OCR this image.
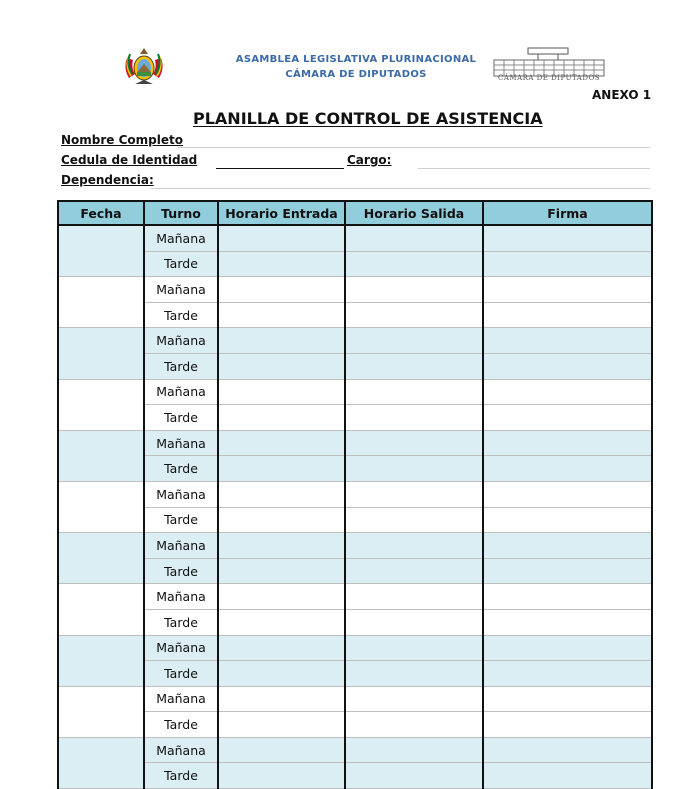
ASAMBLEA LEGISLATIVA PLURINACIONAL
CÁMARA DE DIPUTADOS	CÁMARA DE DIPUTADOS
ANEXO 1
PLANILLA DE CONTROL DE ASISTENCIA
Nombre Completo
Cedula de Identidad	Cargo:
Dependencia:
Fecha	Turno	Horario Entrada	Horario Salida	Firma
	Mañana			
	Tarde			
	Mañana			
	Tarde			
	Mañana			
	Tarde			
	Mañana			
	Tarde			
	Mañana			
	Tarde			
	Mañana			
	Tarde			
	Mañana			
	Tarde			
	Mañana			
	Tarde			
	Mañana			
	Tarde			
	Mañana			
	Tarde			
	Mañana			
	Tarde			
